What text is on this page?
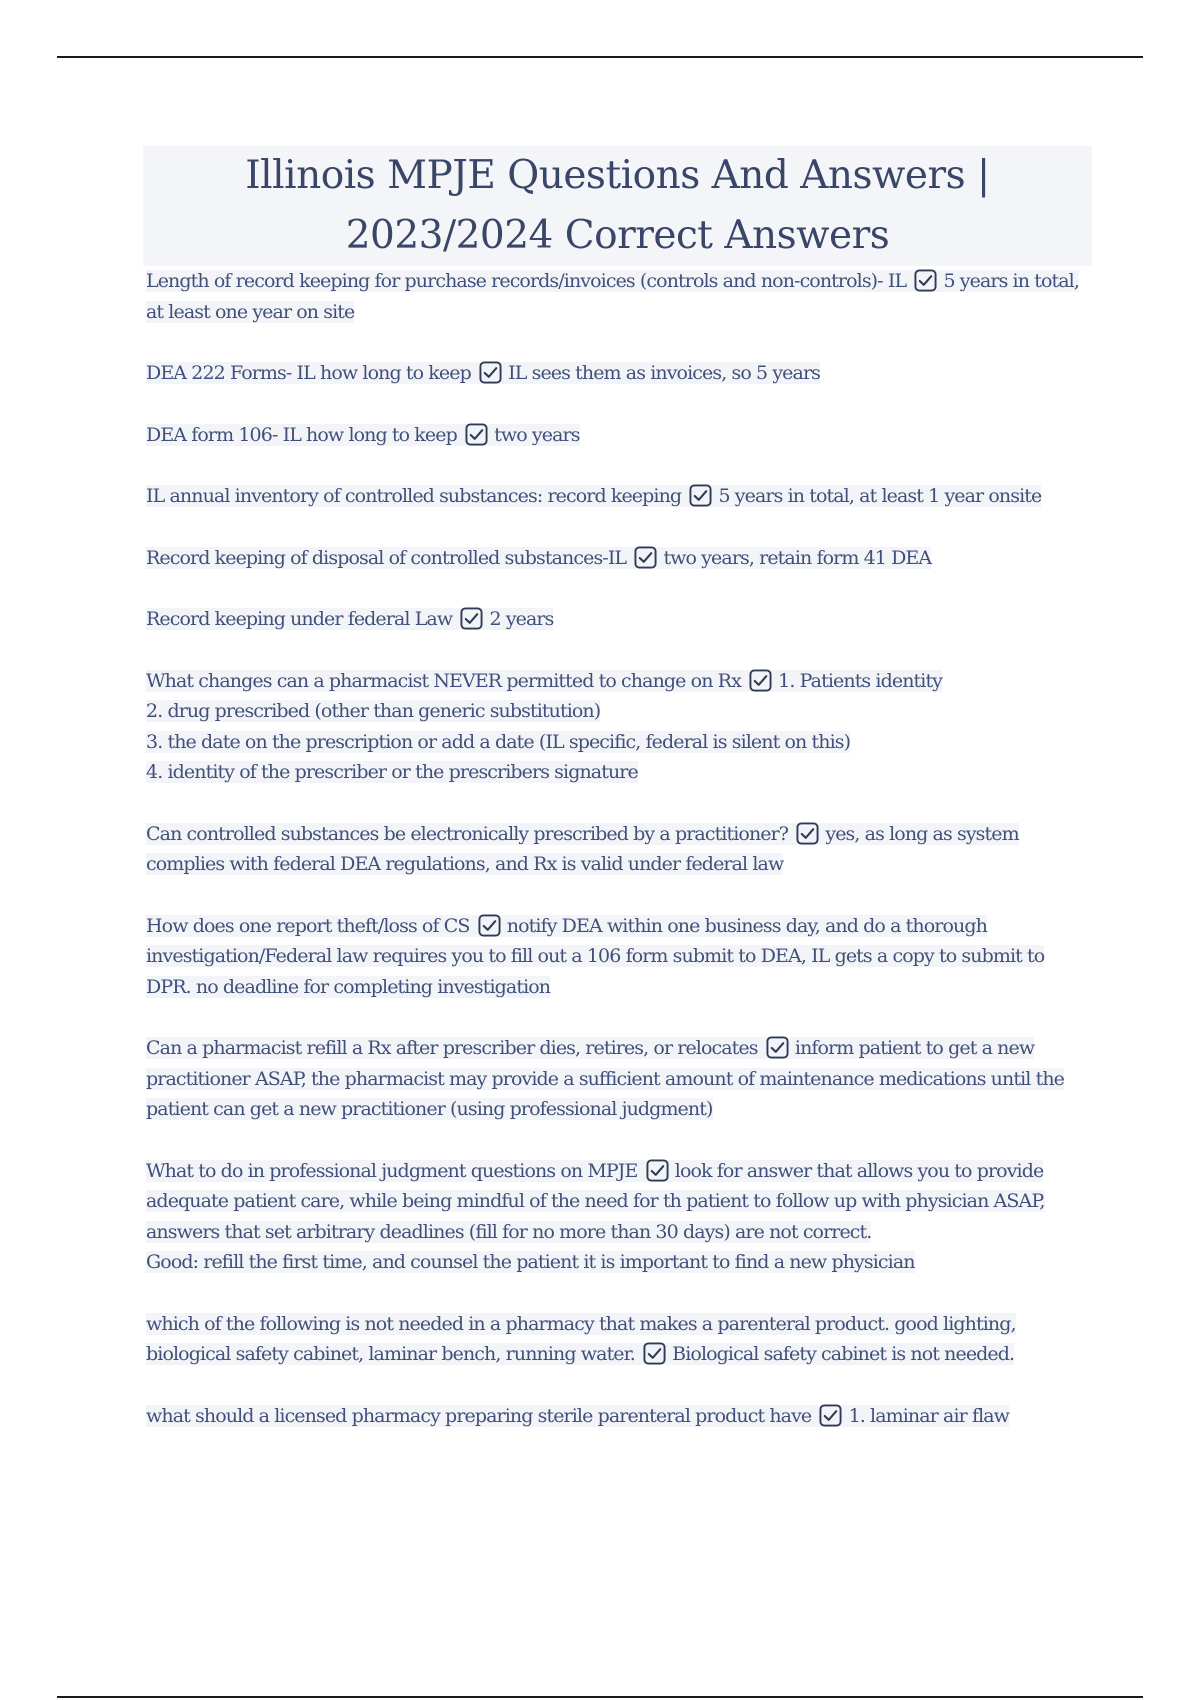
Illinois MPJE Questions And Answers |
2023/2024 Correct Answers
Length of record keeping for purchase records/invoices (controls and non-controls)- IL 5 years in total, at least one year on site
DEA 222 Forms- IL how long to keep IL sees them as invoices, so 5 years
DEA form 106- IL how long to keep two years
IL annual inventory of controlled substances: record keeping 5 years in total, at least 1 year onsite
Record keeping of disposal of controlled substances-IL two years, retain form 41 DEA
Record keeping under federal Law 2 years
What changes can a pharmacist NEVER permitted to change on Rx 1. Patients identity
2. drug prescribed (other than generic substitution)
3. the date on the prescription or add a date (IL specific, federal is silent on this)
4. identity of the prescriber or the prescribers signature
Can controlled substances be electronically prescribed by a practitioner? yes, as long as system complies with federal DEA regulations, and Rx is valid under federal law
How does one report theft/loss of CS notify DEA within one business day, and do a thorough investigation/Federal law requires you to fill out a 106 form submit to DEA, IL gets a copy to submit to DPR. no deadline for completing investigation
Can a pharmacist refill a Rx after prescriber dies, retires, or relocates inform patient to get a new practitioner ASAP, the pharmacist may provide a sufficient amount of maintenance medications until the patient can get a new practitioner (using professional judgment)
What to do in professional judgment questions on MPJE look for answer that allows you to provide adequate patient care, while being mindful of the need for th patient to follow up with physician ASAP, answers that set arbitrary deadlines (fill for no more than 30 days) are not correct.
Good: refill the first time, and counsel the patient it is important to find a new physician
which of the following is not needed in a pharmacy that makes a parenteral product. good lighting, biological safety cabinet, laminar bench, running water. Biological safety cabinet is not needed.
what should a licensed pharmacy preparing sterile parenteral product have 1. laminar air flaw
